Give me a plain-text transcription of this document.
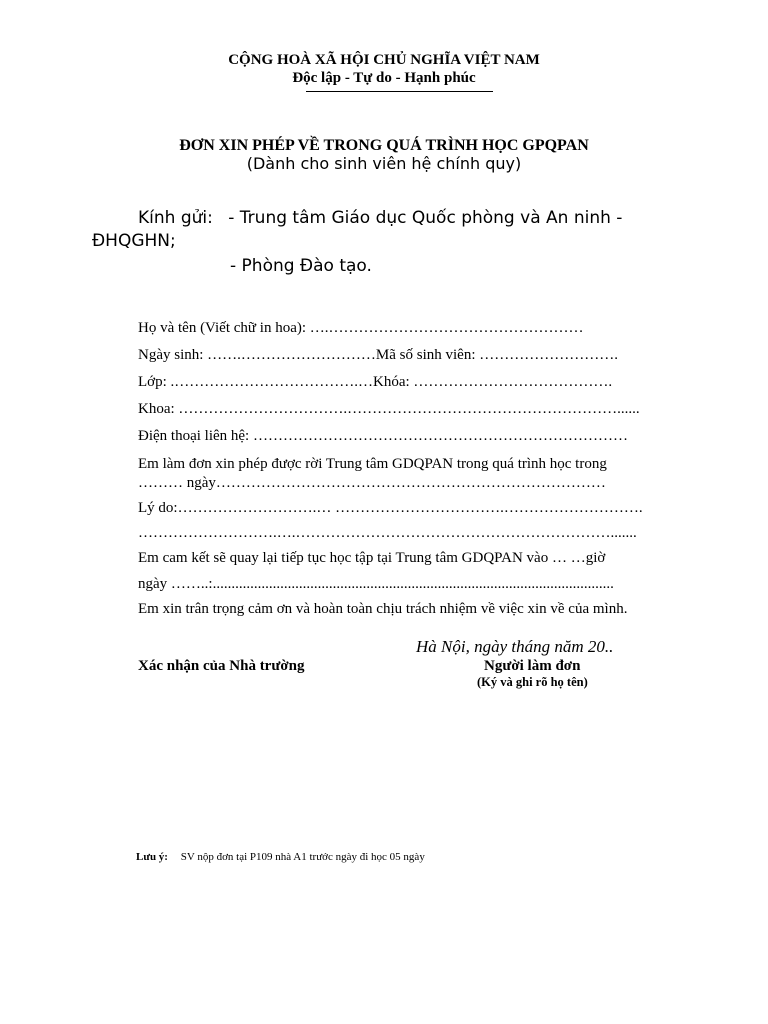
CỘNG HOÀ XÃ HỘI CHỦ NGHĨA VIỆT NAM
Độc lập - Tự do - Hạnh phúc
ĐƠN XIN PHÉP VỀ TRONG QUÁ TRÌNH HỌC GPQPAN
(Dành cho sinh viên hệ chính quy)
Kính gửi: - Trung tâm Giáo dục Quốc phòng và An ninh -
ĐHQGHN;
- Phòng Đào tạo.
Họ và tên (Viết chữ in hoa): ….……………………………………………
Ngày sinh: …….………………………Mã số sinh viên: ……………………….
Lớp: .……………………………….…Khóa: ………………………………….
Khoa: …………………………….………………………………………………......
Điện thoại liên hệ: …………………………………………………………………
Em làm đơn xin phép được rời Trung tâm GDQPAN trong quá trình học trong
……… ngày……………………………………………………………………
Lý do:……………………….… …………………………….……………………….
……………………….….……………………………………………………….......
Em cam kết sẽ quay lại tiếp tục học tập tại Trung tâm GDQPAN vào … …giờ
ngày ……..:...........................................................................................................
Em xin trân trọng cảm ơn và hoàn toàn chịu trách nhiệm về việc xin về của mình.
Hà Nội, ngày tháng năm 20..
Xác nhận của Nhà trường	Người làm đơn
(Ký và ghi rõ họ tên)
Lưu ý: SV nộp đơn tại P109 nhà A1 trước ngày đi học 05 ngày
